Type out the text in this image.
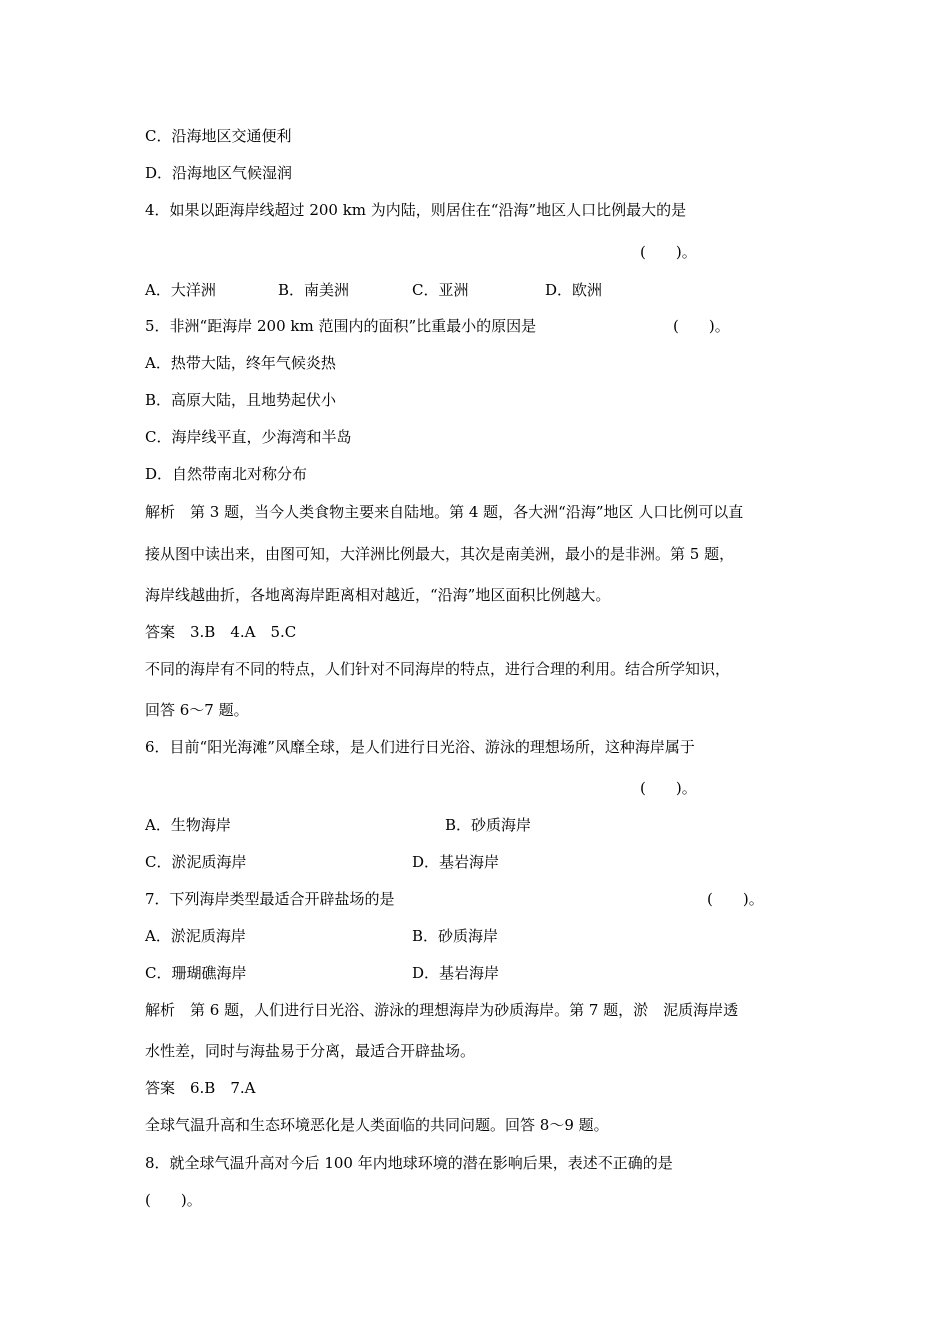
C．沿海地区交通便利
D．沿海地区气候湿润
4．如果以距海岸线超过 200 km 为内陆，则居住在“沿海”地区人口比例最大的是
(　　)。
A．大洋洲	B．南美洲	C．亚洲	D．欧洲
5．非洲“距海岸 200 km 范围内的面积”比重最小的原因是	(　　)。
A．热带大陆，终年气候炎热
B．高原大陆，且地势起伏小
C．海岸线平直，少海湾和半岛
D．自然带南北对称分布
解析　第 3 题，当今人类食物主要来自陆地。第 4 题，各大洲“沿海”地区 人口比例可以直
接从图中读出来，由图可知，大洋洲比例最大，其次是南美洲，最小的是非洲。第 5 题，
海岸线越曲折，各地离海岸距离相对越近，“沿海”地区面积比例越大。
答案　3.B　4.A　5.C
不同的海岸有不同的特点，人们针对不同海岸的特点，进行合理的利用。结合所学知识，
回答 6～7 题。
6．目前“阳光海滩”风靡全球，是人们进行日光浴、游泳的理想场所，这种海岸属于
(　　)。
A．生物海岸	B．砂质海岸
C．淤泥质海岸	D．基岩海岸
7．下列海岸类型最适合开辟盐场的是	(　　)。
A．淤泥质海岸	B．砂质海岸
C．珊瑚礁海岸	D．基岩海岸
解析　第 6 题，人们进行日光浴、游泳的理想海岸为砂质海岸。第 7 题，淤　泥质海岸透
水性差，同时与海盐易于分离，最适合开辟盐场。
答案　6.B　7.A
全球气温升高和生态环境恶化是人类面临的共同问题。回答 8～9 题。
8．就全球气温升高对今后 100 年内地球环境的潜在影响后果，表述不正确的是
(　　)。
